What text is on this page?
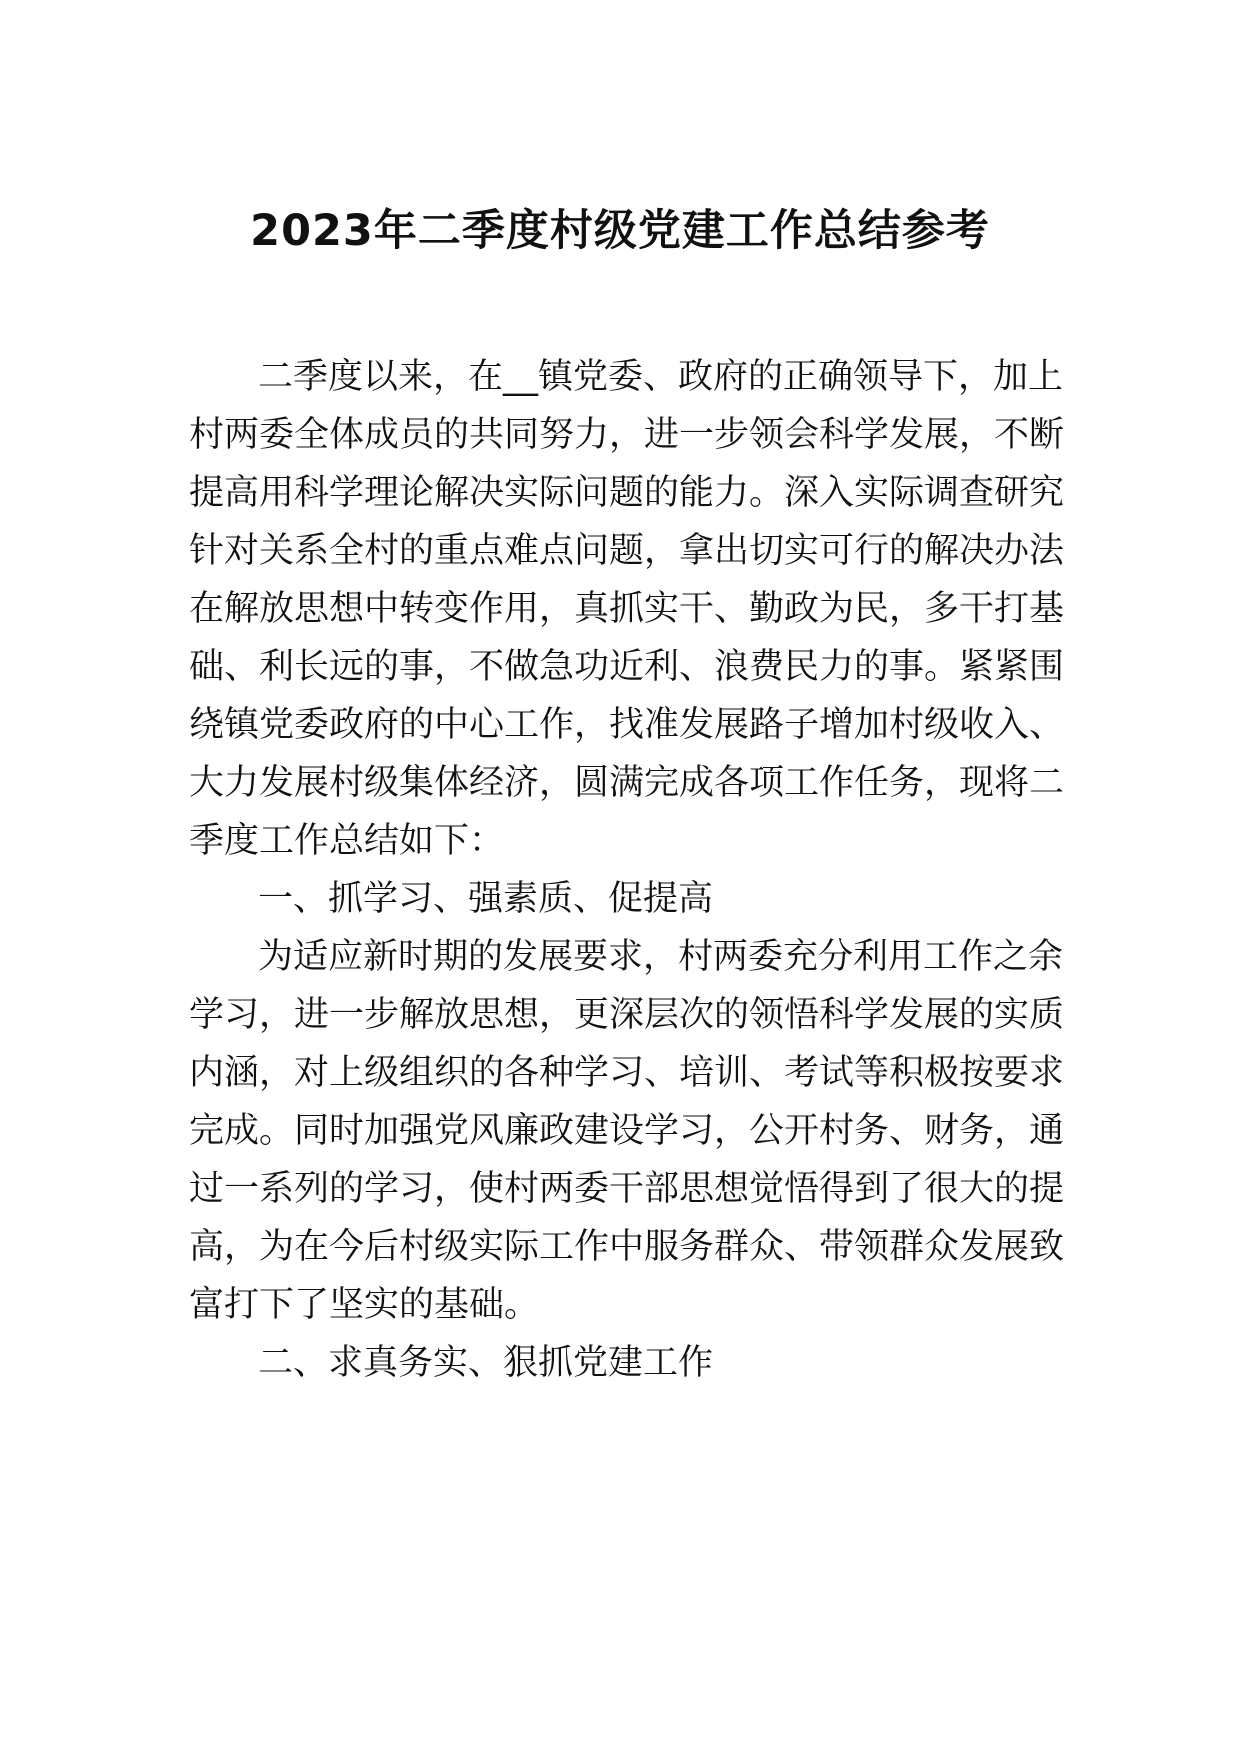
2023年二季度村级党建工作总结参考
二季度以来，在__镇党委、政府的正确领导下，加上
村两委全体成员的共同努力，进一步领会科学发展，不断
提高用科学理论解决实际问题的能力。深入实际调查研究
针对关系全村的重点难点问题，拿出切实可行的解决办法
在解放思想中转变作用，真抓实干、勤政为民，多干打基
础、利长远的事，不做急功近利、浪费民力的事。紧紧围
绕镇党委政府的中心工作，找准发展路子增加村级收入、
大力发展村级集体经济，圆满完成各项工作任务，现将二
季度工作总结如下：
一、抓学习、强素质、促提高
为适应新时期的发展要求，村两委充分利用工作之余
学习，进一步解放思想，更深层次的领悟科学发展的实质
内涵，对上级组织的各种学习、培训、考试等积极按要求
完成。同时加强党风廉政建设学习，公开村务、财务，通
过一系列的学习，使村两委干部思想觉悟得到了很大的提
高，为在今后村级实际工作中服务群众、带领群众发展致
富打下了坚实的基础。
二、求真务实、狠抓党建工作
